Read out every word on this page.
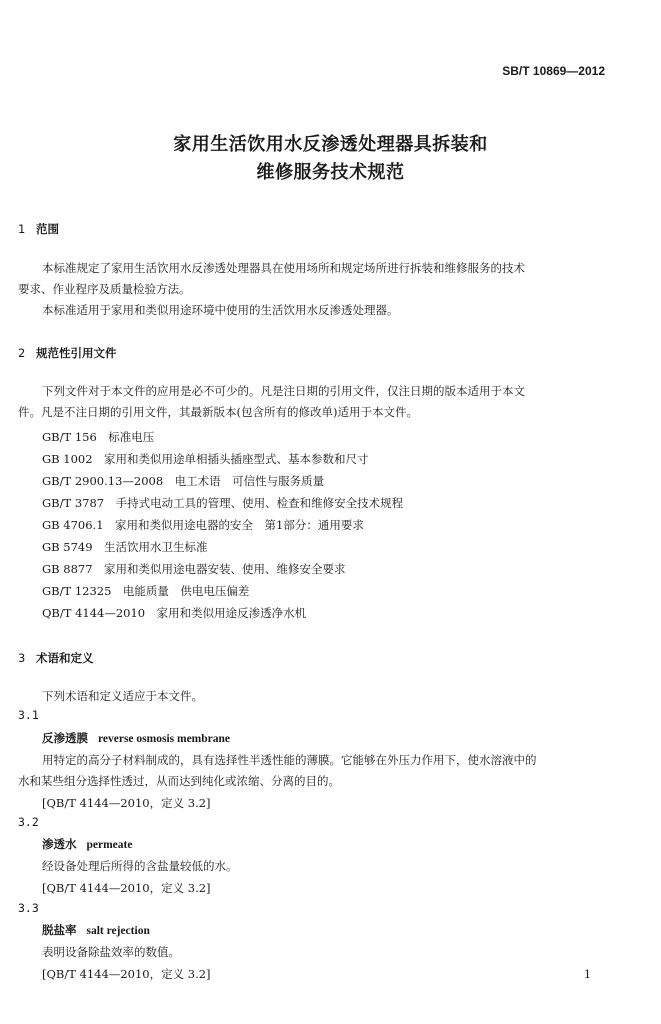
SB/T 10869—2012
家用生活饮用水反渗透处理器具拆装和
维修服务技术规范
1 范围
本标准规定了家用生活饮用水反渗透处理器具在使用场所和规定场所进行拆装和维修服务的技术
要求、作业程序及质量检验方法。
本标准适用于家用和类似用途环境中使用的生活饮用水反渗透处理器。
2 规范性引用文件
下列文件对于本文件的应用是必不可少的。凡是注日期的引用文件，仅注日期的版本适用于本文
件。凡是不注日期的引用文件，其最新版本(包含所有的修改单)适用于本文件。
GB/T 156　标准电压
GB 1002　家用和类似用途单相插头插座型式、基本参数和尺寸
GB/T 2900.13—2008　电工术语　可信性与服务质量
GB/T 3787　手持式电动工具的管理、使用、检查和维修安全技术规程
GB 4706.1　家用和类似用途电器的安全　第1部分：通用要求
GB 5749　生活饮用水卫生标准
GB 8877　家用和类似用途电器安装、使用、维修安全要求
GB/T 12325　电能质量　供电电压偏差
QB/T 4144—2010　家用和类似用途反渗透净水机
3 术语和定义
下列术语和定义适应于本文件。
3.1
反渗透膜 reverse osmosis membrane
用特定的高分子材料制成的，具有选择性半透性能的薄膜。它能够在外压力作用下，使水溶液中的
水和某些组分选择性透过，从而达到纯化或浓缩、分离的目的。
[QB/T 4144—2010，定义 3.2]
3.2
渗透水 permeate
经设备处理后所得的含盐量较低的水。
[QB/T 4144—2010，定义 3.2]
3.3
脱盐率 salt rejection
表明设备除盐效率的数值。
[QB/T 4144—2010，定义 3.2]	1
